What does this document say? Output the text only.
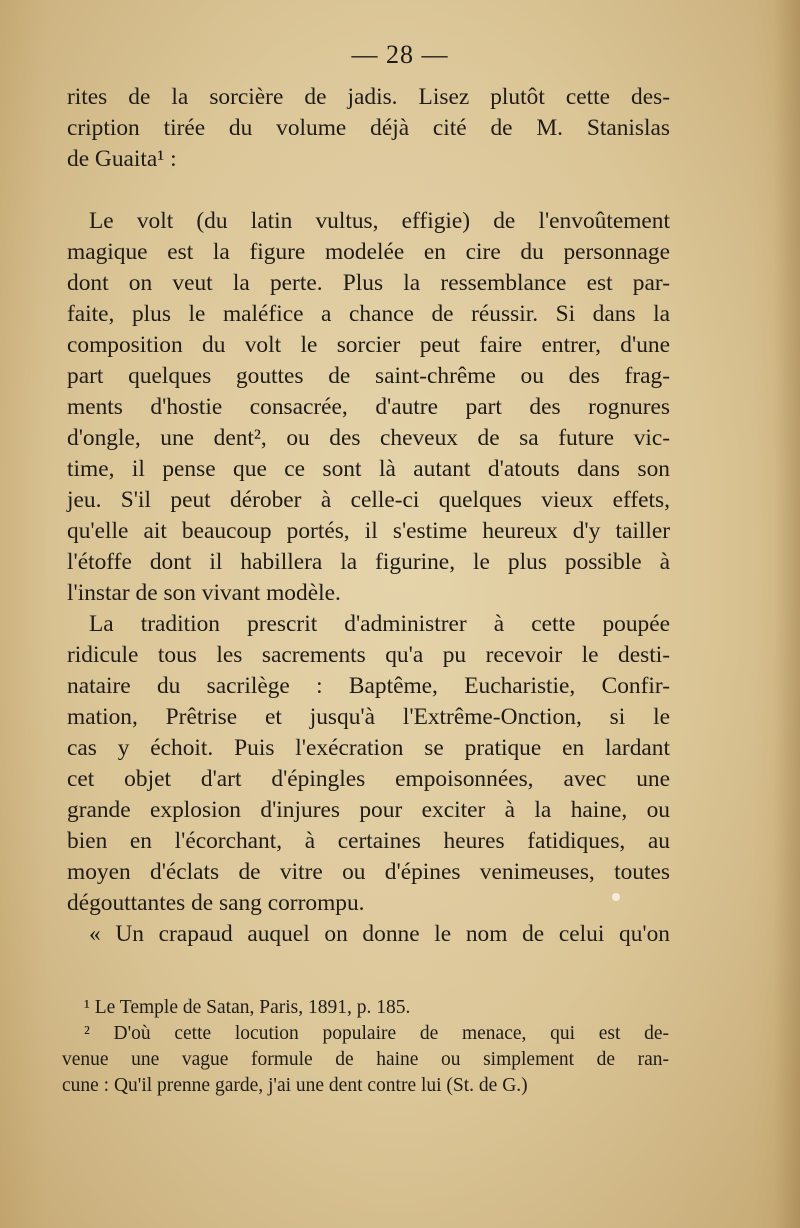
— 28 —
rites de la sorcière de jadis. Lisez plutôt cette des-
cription tirée du volume déjà cité de M. Stanislas
de Guaita¹ :
Le volt (du latin vultus, effigie) de l'envoûtement
magique est la figure modelée en cire du personnage
dont on veut la perte. Plus la ressemblance est par-
faite, plus le maléfice a chance de réussir. Si dans la
composition du volt le sorcier peut faire entrer, d'une
part quelques gouttes de saint-chrême ou des frag-
ments d'hostie consacrée, d'autre part des rognures
d'ongle, une dent², ou des cheveux de sa future vic-
time, il pense que ce sont là autant d'atouts dans son
jeu. S'il peut dérober à celle-ci quelques vieux effets,
qu'elle ait beaucoup portés, il s'estime heureux d'y tailler
l'étoffe dont il habillera la figurine, le plus possible à
l'instar de son vivant modèle.
La tradition prescrit d'administrer à cette poupée
ridicule tous les sacrements qu'a pu recevoir le desti-
nataire du sacrilège : Baptême, Eucharistie, Confir-
mation, Prêtrise et jusqu'à l'Extrême-Onction, si le
cas y échoit. Puis l'exécration se pratique en lardant
cet objet d'art d'épingles empoisonnées, avec une
grande explosion d'injures pour exciter à la haine, ou
bien en l'écorchant, à certaines heures fatidiques, au
moyen d'éclats de vitre ou d'épines venimeuses, toutes
dégouttantes de sang corrompu.
« Un crapaud auquel on donne le nom de celui qu'on
¹ Le Temple de Satan, Paris, 1891, p. 185.
² D'où cette locution populaire de menace, qui est de-
venue une vague formule de haine ou simplement de ran-
cune : Qu'il prenne garde, j'ai une dent contre lui (St. de G.)
